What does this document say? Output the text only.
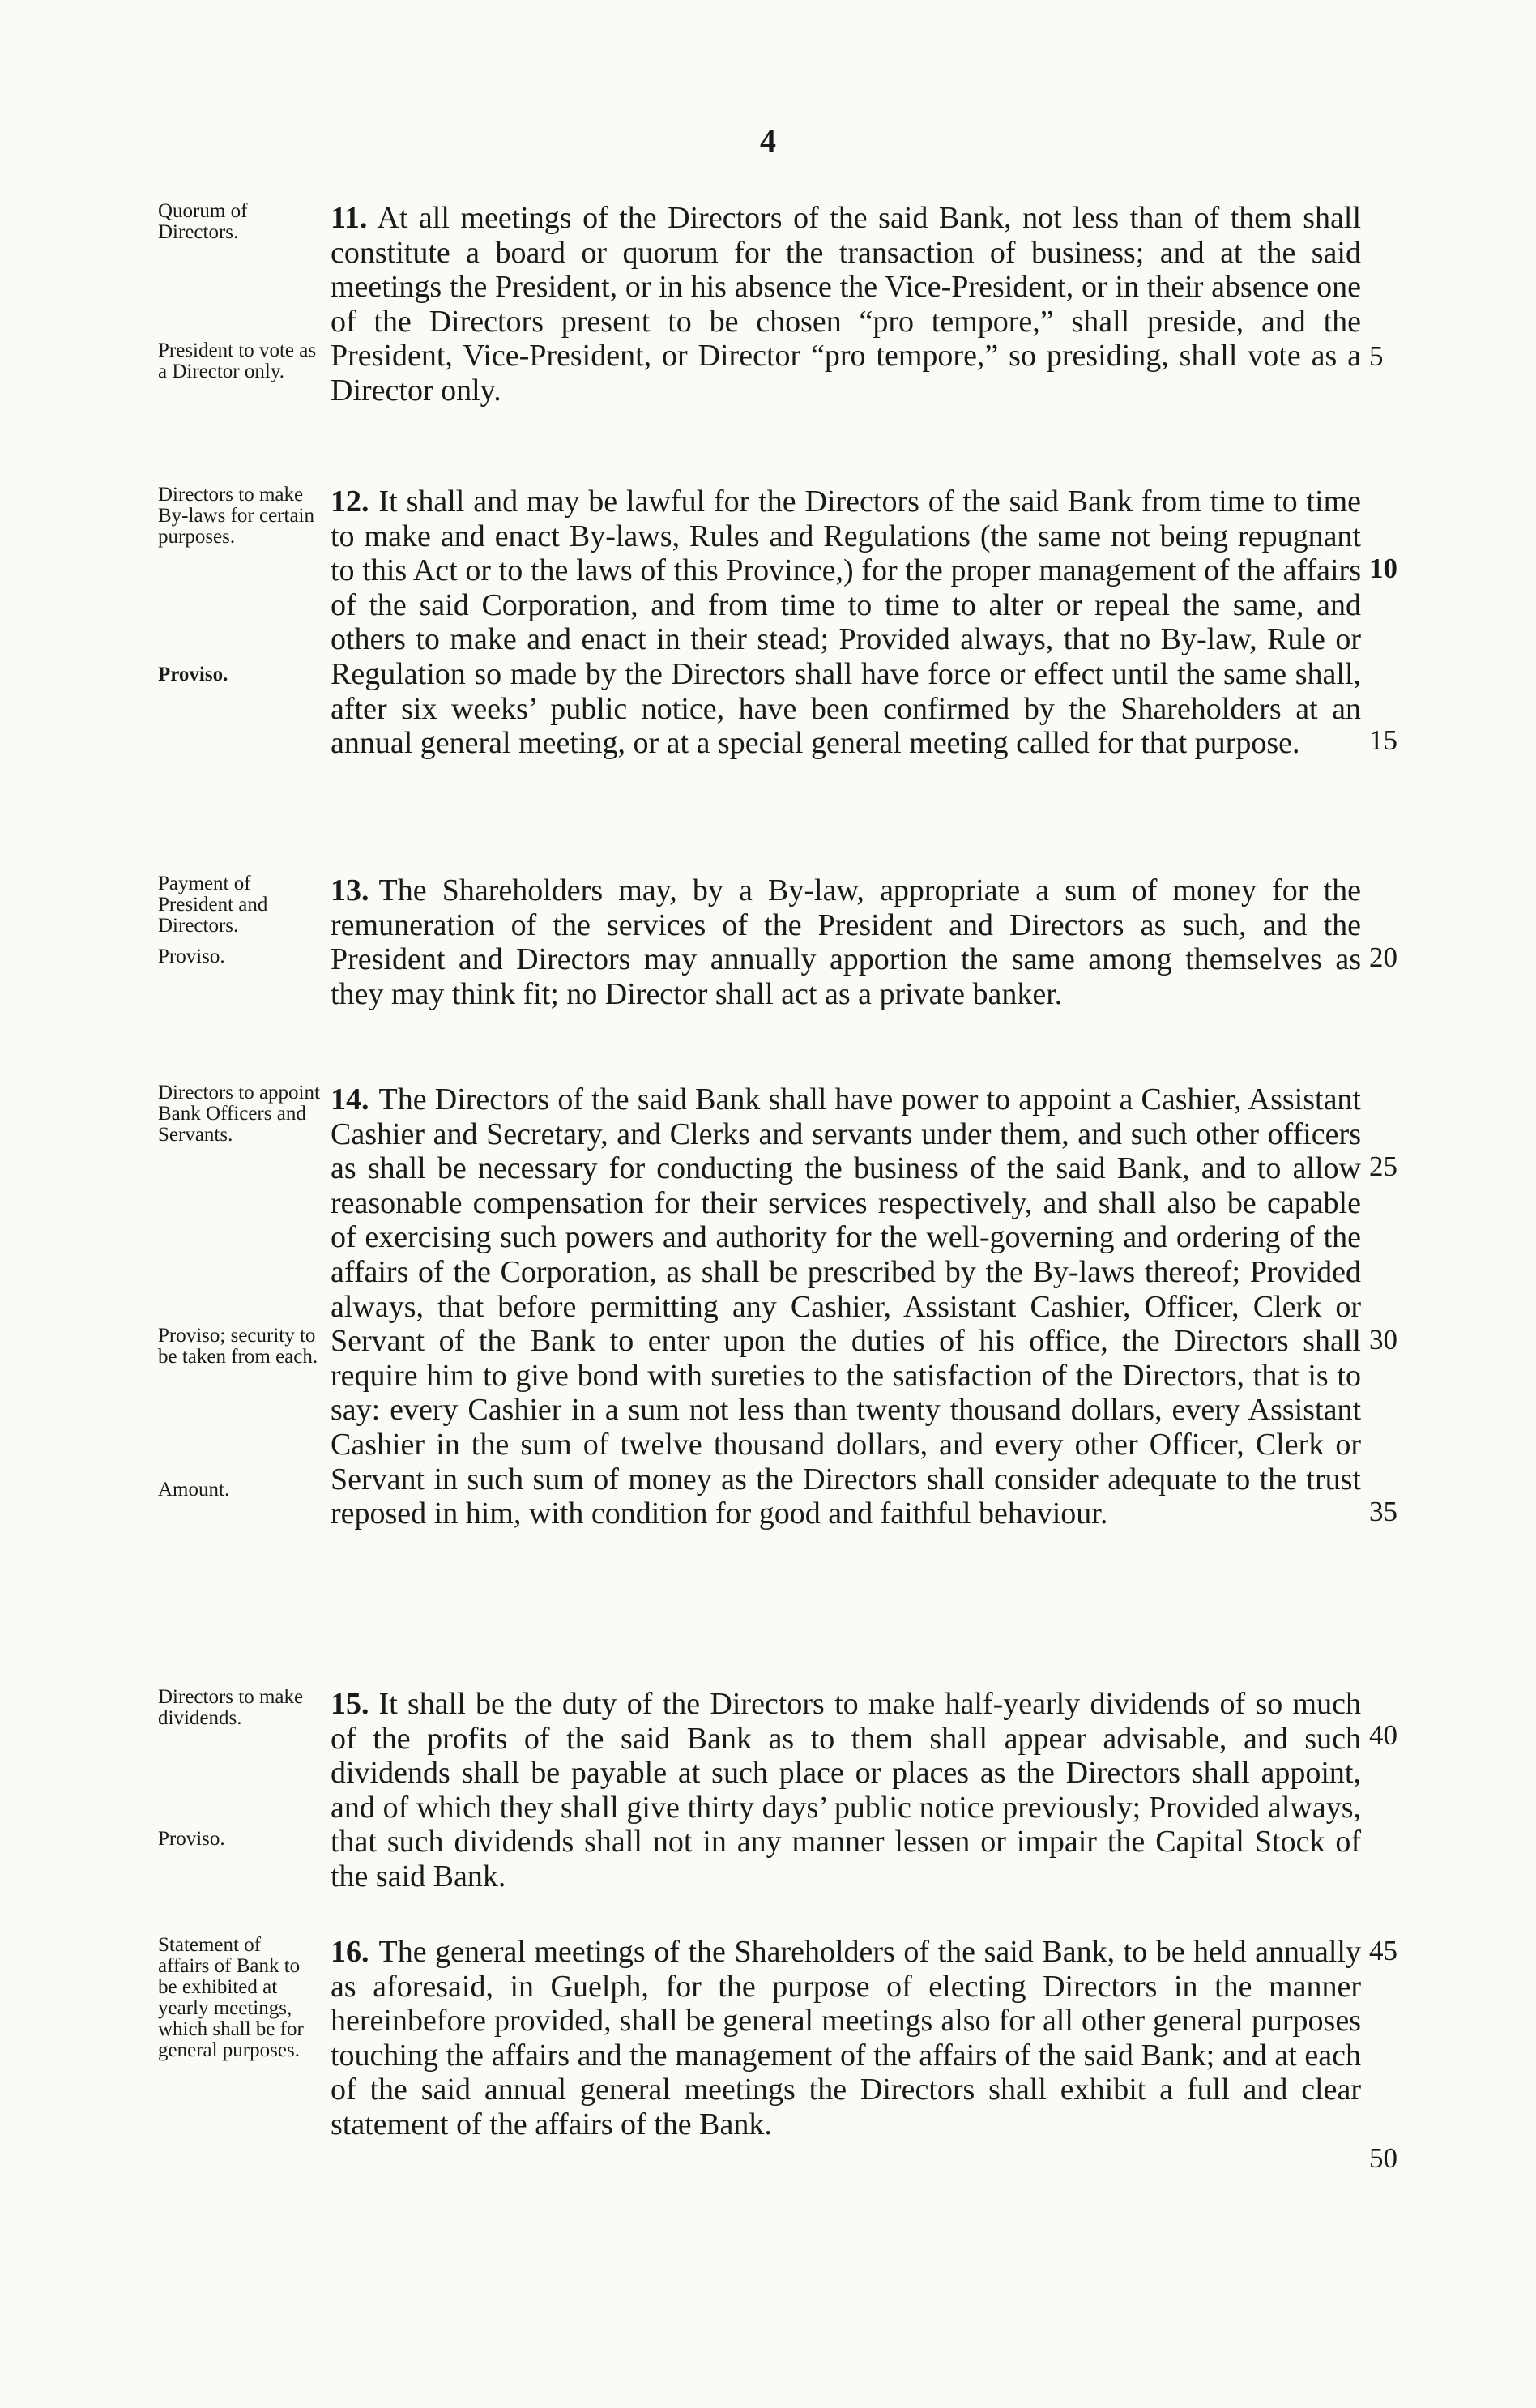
4
Quorum of Directors.
President to vote as a Director only.

11. At all meetings of the Directors of the said Bank, not less than of them shall constitute a board or quorum for the transaction of business; and at the said meetings the President, or in his absence the Vice-President, or in their absence one of the Directors present to be chosen “pro tempore,” shall preside, and the President, Vice-President, or Director “pro tempore,” so presiding, shall vote as a Director only.

Directors to make By-laws for certain purposes.
Proviso.

12. It shall and may be lawful for the Directors of the said Bank from time to time to make and enact By-laws, Rules and Regulations (the same not being repugnant to this Act or to the laws of this Province,) for the proper management of the affairs of the said Corporation, and from time to time to alter or repeal the same, and others to make and enact in their stead; Provided always, that no By-law, Rule or Regulation so made by the Directors shall have force or effect until the same shall, after six weeks’ public notice, have been confirmed by the Shareholders at an annual general meeting, or at a special general meeting called for that purpose.

Payment of President and Directors.
Proviso.

13. The Shareholders may, by a By-law, appropriate a sum of money for the remuneration of the services of the President and Directors as such, and the President and Directors may annually apportion the same among themselves as they may think fit; no Director shall act as a private banker.

Directors to appoint Bank Officers and Servants.
Proviso; security to be taken from each.
Amount.

14. The Directors of the said Bank shall have power to appoint a Cashier, Assistant Cashier and Secretary, and Clerks and servants under them, and such other officers as shall be necessary for conducting the business of the said Bank, and to allow reasonable compensation for their services respectively, and shall also be capable of exercising such powers and authority for the well-governing and ordering of the affairs of the Corporation, as shall be prescribed by the By-laws thereof; Provided always, that before permitting any Cashier, Assistant Cashier, Officer, Clerk or Servant of the Bank to enter upon the duties of his office, the Directors shall require him to give bond with sureties to the satisfaction of the Directors, that is to say: every Cashier in a sum not less than twenty thousand dollars, every Assistant Cashier in the sum of twelve thousand dollars, and every other Officer, Clerk or Servant in such sum of money as the Directors shall consider adequate to the trust reposed in him, with condition for good and faithful behaviour.

Directors to make dividends.
Proviso.

15. It shall be the duty of the Directors to make half-yearly dividends of so much of the profits of the said Bank as to them shall appear advisable, and such dividends shall be payable at such place or places as the Directors shall appoint, and of which they shall give thirty days’ public notice previously; Provided always, that such dividends shall not in any manner lessen or impair the Capital Stock of the said Bank.

Statement of affairs of Bank to be exhibited at yearly meetings, which shall be for general purposes.

16. The general meetings of the Shareholders of the said Bank, to be held annually as aforesaid, in Guelph, for the purpose of electing Directors in the manner hereinbefore provided, shall be general meetings also for all other general purposes touching the affairs and the management of the affairs of the said Bank; and at each of the said annual general meetings the Directors shall exhibit a full and clear statement of the affairs of the Bank.

5
10
15
20
25
30
35
40
45
50
